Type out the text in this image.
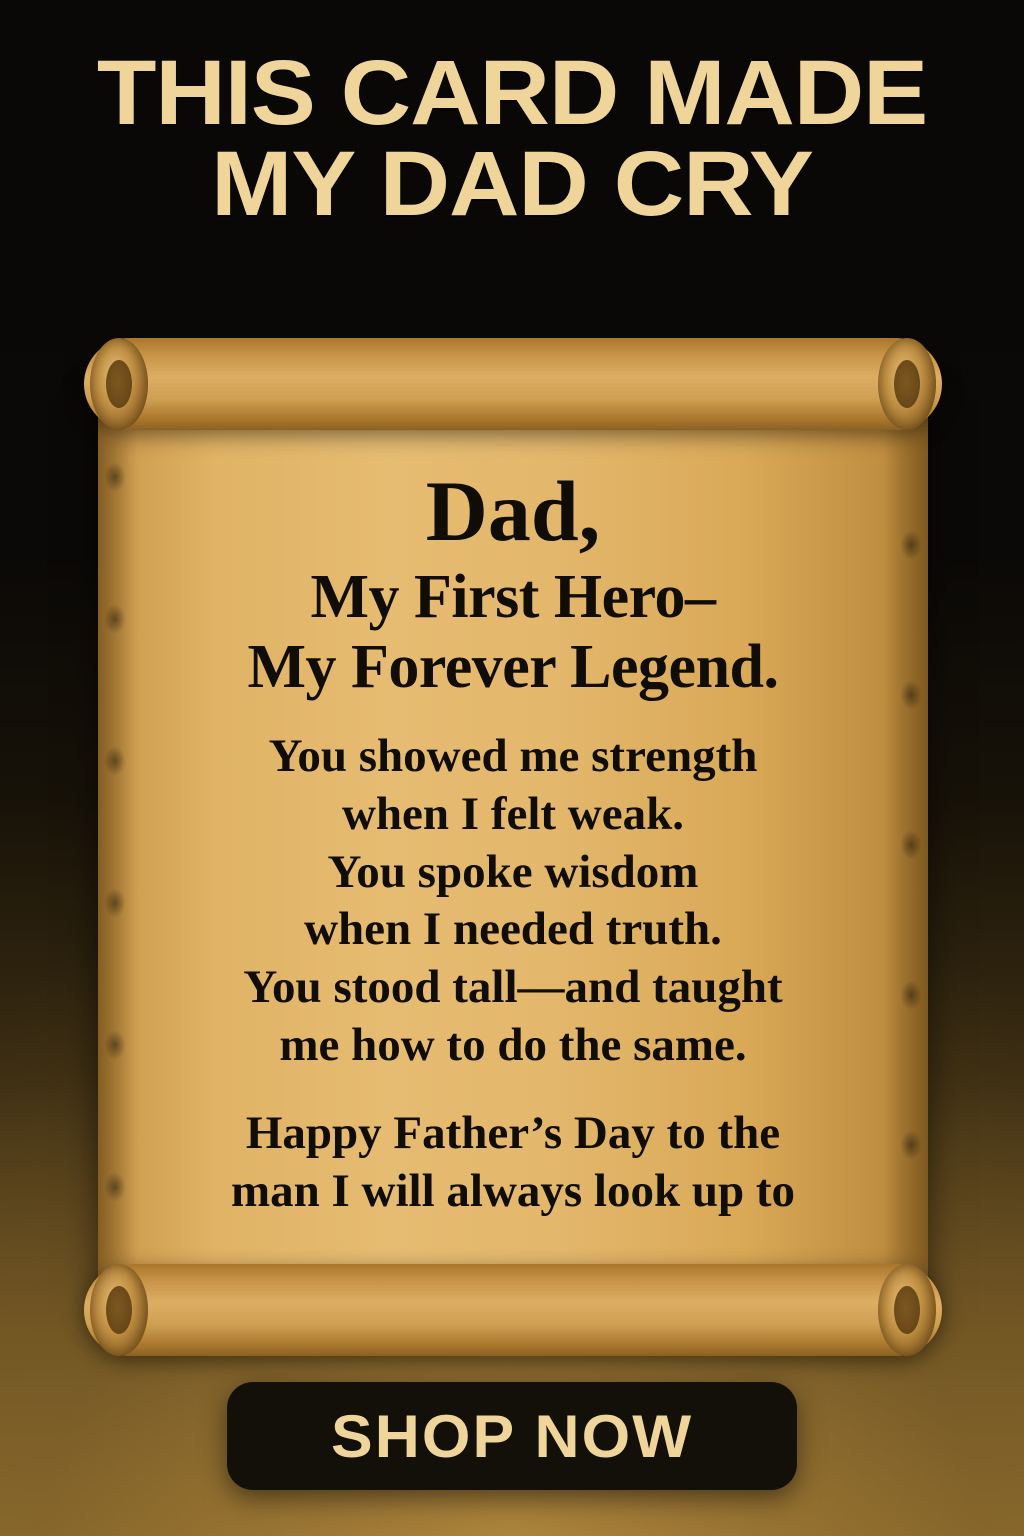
THIS CARD MADE
MY DAD CRY
Dad,
My First Hero–
My Forever Legend.
You showed me strength
when I felt weak.
You spoke wisdom
when I needed truth.
You stood tall—and taught
me how to do the same.
Happy Father’s Day to the
man I will always look up to
SHOP NOW
